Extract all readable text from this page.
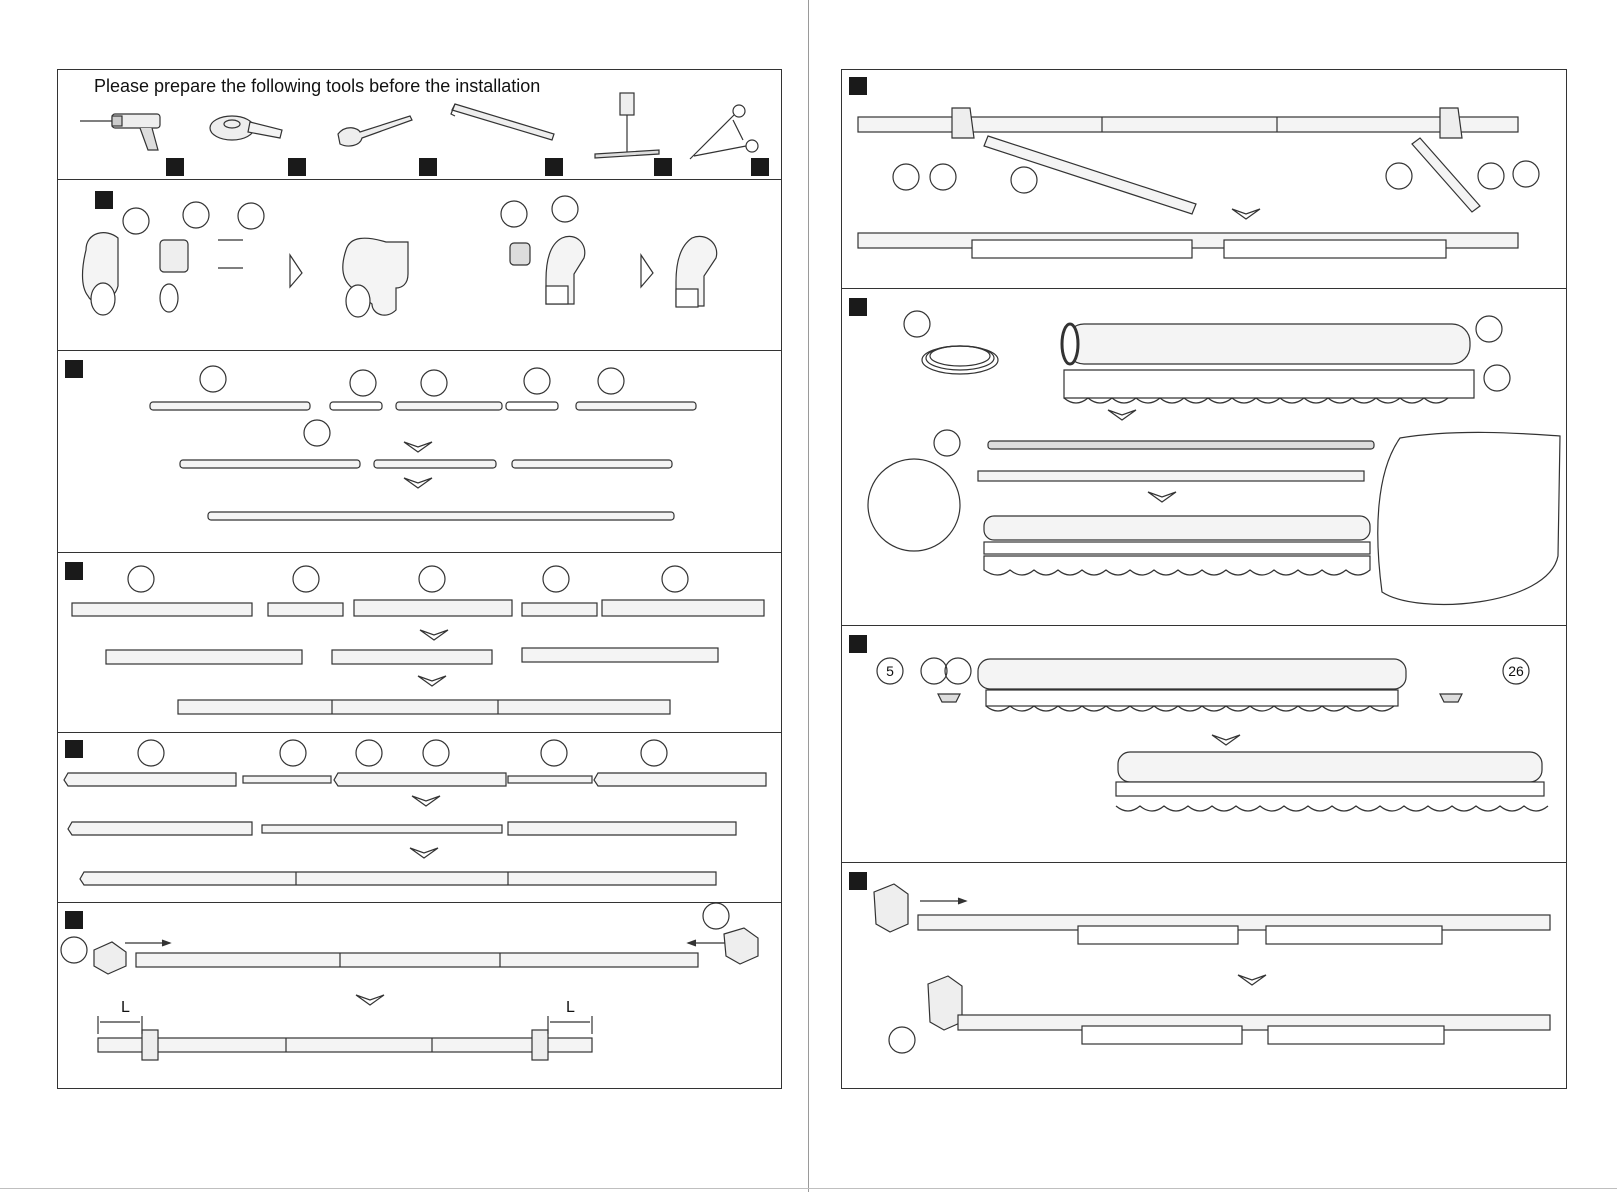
Please prepare the following tools before the installation
5	26
L	L
